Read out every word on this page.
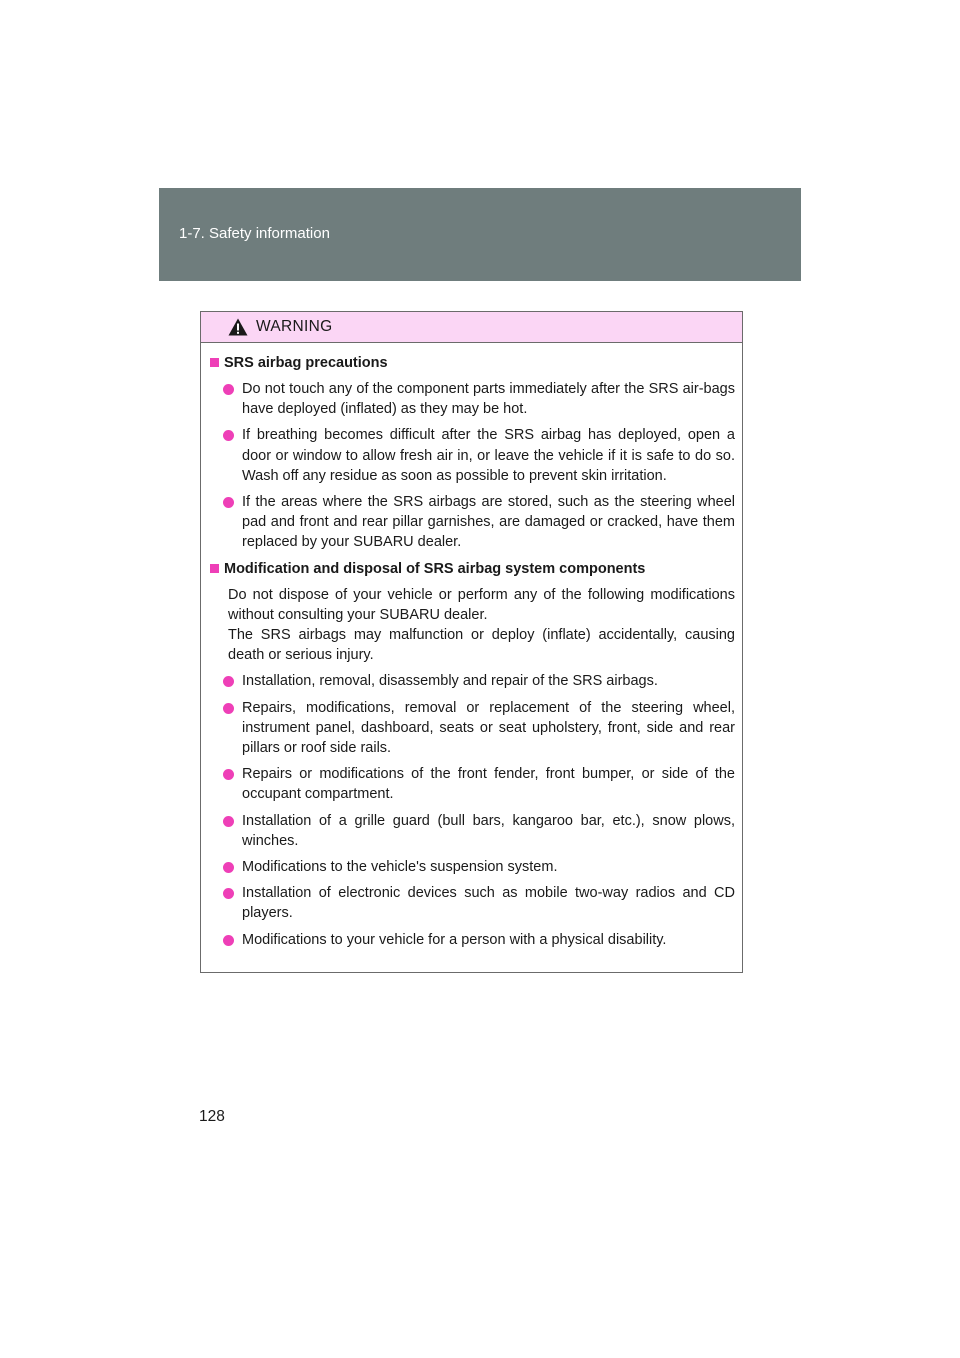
1-7. Safety information
WARNING
SRS airbag precautions
Do not touch any of the component parts immediately after the SRS air-bags have deployed (inflated) as they may be hot.
If breathing becomes difficult after the SRS airbag has deployed, open a door or window to allow fresh air in, or leave the vehicle if it is safe to do so. Wash off any residue as soon as possible to prevent skin irritation.
If the areas where the SRS airbags are stored, such as the steering wheel pad and front and rear pillar garnishes, are damaged or cracked, have them replaced by your SUBARU dealer.
Modification and disposal of SRS airbag system components
Do not dispose of your vehicle or perform any of the following modifications without consulting your SUBARU dealer.
The SRS airbags may malfunction or deploy (inflate) accidentally, causing death or serious injury.
Installation, removal, disassembly and repair of the SRS airbags.
Repairs, modifications, removal or replacement of the steering wheel, instrument panel, dashboard, seats or seat upholstery, front, side and rear pillars or roof side rails.
Repairs or modifications of the front fender, front bumper, or side of the occupant compartment.
Installation of a grille guard (bull bars, kangaroo bar, etc.), snow plows, winches.
Modifications to the vehicle's suspension system.
Installation of electronic devices such as mobile two-way radios and CD players.
Modifications to your vehicle for a person with a physical disability.
128
